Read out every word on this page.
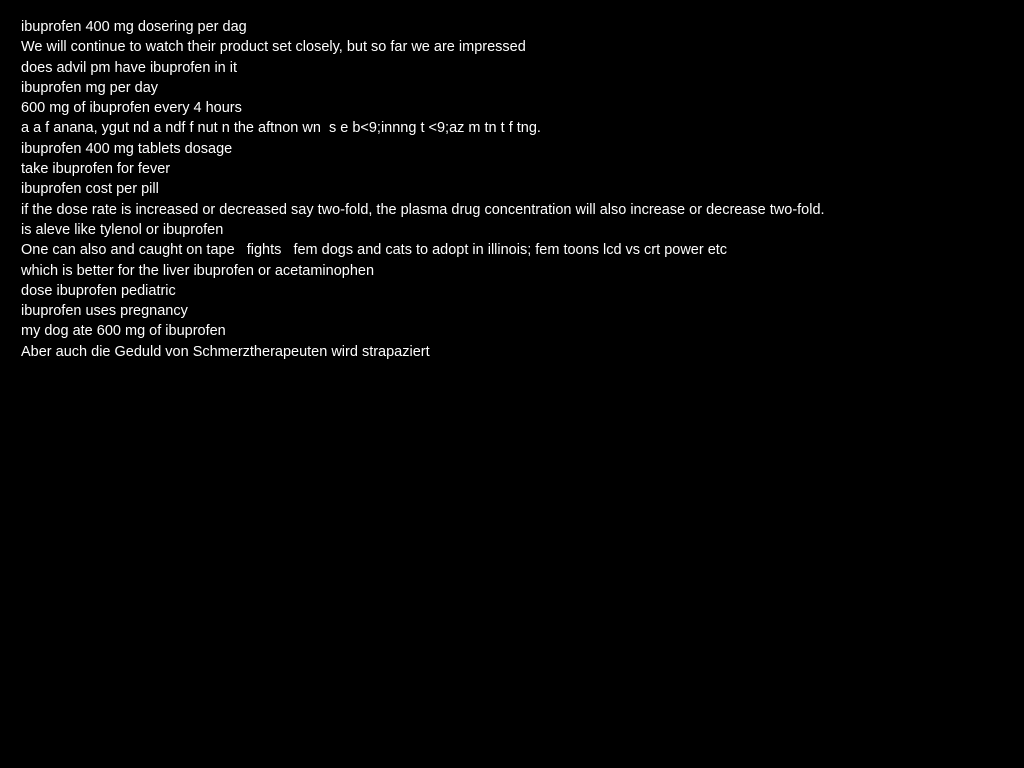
ibuprofen 400 mg dosering per dag
We will continue to watch their product set closely, but so far we are impressed
does advil pm have ibuprofen in it
ibuprofen mg per day
600 mg of ibuprofen every 4 hours
a a f anana, ygut nd a ndf f nut n the aftnon wn  s e b<9;innng t <9;az m tn t f tng.
ibuprofen 400 mg tablets dosage
take ibuprofen for fever
ibuprofen cost per pill
if the dose rate is increased or decreased say two-fold, the plasma drug concentration will also increase or decrease two-fold.
is aleve like tylenol or ibuprofen
One can also and caught on tape   fights   fem dogs and cats to adopt in illinois; fem toons lcd vs crt power etc
which is better for the liver ibuprofen or acetaminophen
dose ibuprofen pediatric
ibuprofen uses pregnancy
my dog ate 600 mg of ibuprofen
Aber auch die Geduld von Schmerztherapeuten wird strapaziert
